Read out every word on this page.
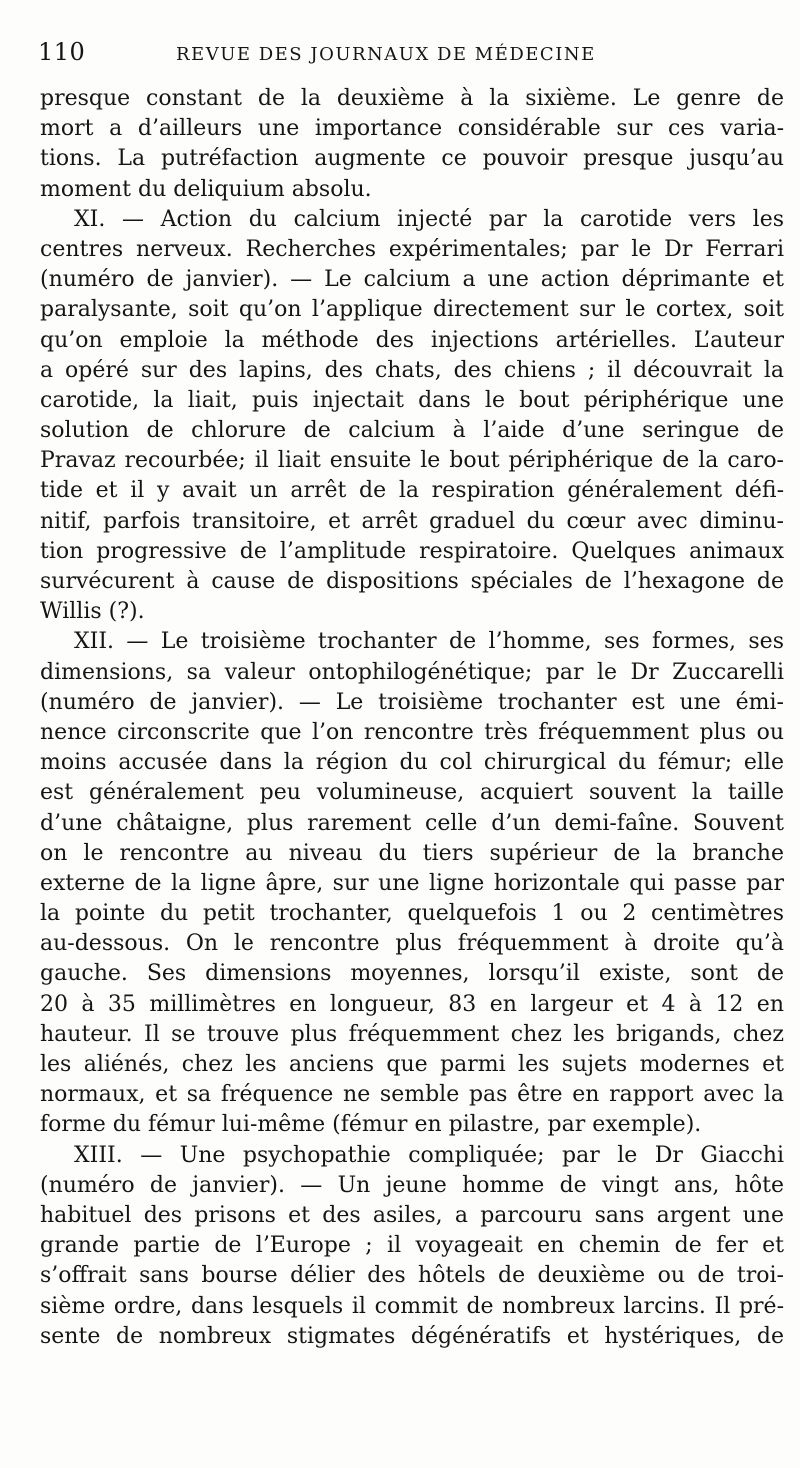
110	REVUE DES JOURNAUX DE MÉDECINE
presque constant de la deuxième à la sixième. Le genre de
mort a d’ailleurs une importance considérable sur ces varia-
tions. La putréfaction augmente ce pouvoir presque jusqu’au
moment du deliquium absolu.
XI. — Action du calcium injecté par la carotide vers les
centres nerveux. Recherches expérimentales; par le Dr Ferrari
(numéro de janvier). — Le calcium a une action déprimante et
paralysante, soit qu’on l’applique directement sur le cortex, soit
qu’on emploie la méthode des injections artérielles. L’auteur
a opéré sur des lapins, des chats, des chiens ; il découvrait la
carotide, la liait, puis injectait dans le bout périphérique une
solution de chlorure de calcium à l’aide d’une seringue de
Pravaz recourbée; il liait ensuite le bout périphérique de la caro-
tide et il y avait un arrêt de la respiration généralement défi-
nitif, parfois transitoire, et arrêt graduel du cœur avec diminu-
tion progressive de l’amplitude respiratoire. Quelques animaux
survécurent à cause de dispositions spéciales de l’hexagone de
Willis (?).
XII. — Le troisième trochanter de l’homme, ses formes, ses
dimensions, sa valeur ontophilogénétique; par le Dr Zuccarelli
(numéro de janvier). — Le troisième trochanter est une émi-
nence circonscrite que l’on rencontre très fréquemment plus ou
moins accusée dans la région du col chirurgical du fémur; elle
est généralement peu volumineuse, acquiert souvent la taille
d’une châtaigne, plus rarement celle d’un demi-faîne. Souvent
on le rencontre au niveau du tiers supérieur de la branche
externe de la ligne âpre, sur une ligne horizontale qui passe par
la pointe du petit trochanter, quelquefois 1 ou 2 centimètres
au-dessous. On le rencontre plus fréquemment à droite qu’à
gauche. Ses dimensions moyennes, lorsqu’il existe, sont de
20 à 35 millimètres en longueur, 83 en largeur et 4 à 12 en
hauteur. Il se trouve plus fréquemment chez les brigands, chez
les aliénés, chez les anciens que parmi les sujets modernes et
normaux, et sa fréquence ne semble pas être en rapport avec la
forme du fémur lui-même (fémur en pilastre, par exemple).
XIII. — Une psychopathie compliquée; par le Dr Giacchi
(numéro de janvier). — Un jeune homme de vingt ans, hôte
habituel des prisons et des asiles, a parcouru sans argent une
grande partie de l’Europe ; il voyageait en chemin de fer et
s’offrait sans bourse délier des hôtels de deuxième ou de troi-
sième ordre, dans lesquels il commit de nombreux larcins. Il pré-
sente de nombreux stigmates dégénératifs et hystériques, de
